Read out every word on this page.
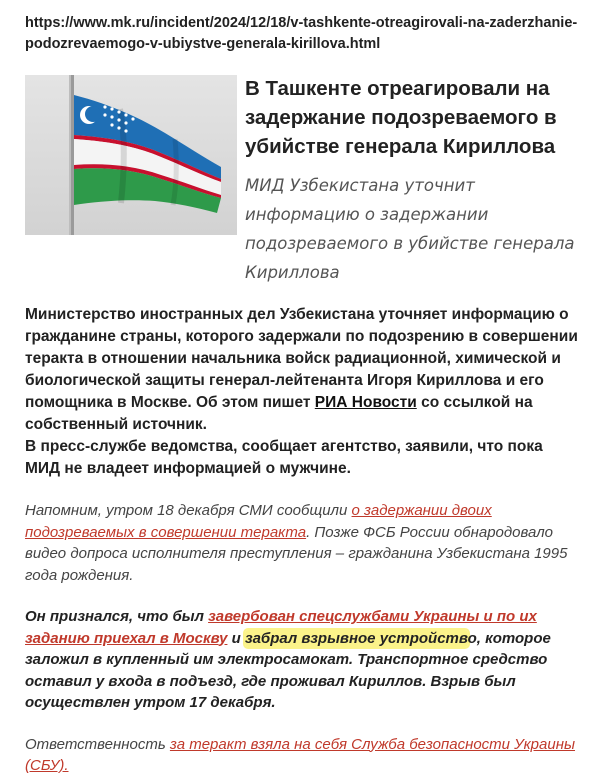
https://www.mk.ru/incident/2024/12/18/v-tashkente-otreagirovali-na-zaderzhanie-podozrevaemogo-v-ubiystve-generala-kirillova.html

В Ташкенте отреагировали на задержание подозреваемого в убийстве генерала Кириллова

МИД Узбекистана уточнит информацию о задержании подозреваемого в убийстве генерала Кириллова

Министерство иностранных дел Узбекистана уточняет информацию о гражданине страны, которого задержали по подозрению в совершении теракта в отношении начальника войск радиационной, химической и биологической защиты генерал-лейтенанта Игоря Кириллова и его помощника в Москве. Об этом пишет РИА Новости со ссылкой на собственный источник.
В пресс-службе ведомства, сообщает агентство, заявили, что пока МИД не владеет информацией о мужчине.

Напомним, утром 18 декабря СМИ сообщили о задержании двоих подозреваемых в совершении теракта. Позже ФСБ России обнародовало видео допроса исполнителя преступления – гражданина Узбекистана 1995 года рождения.

Он признался, что был завербован спецслужбами Украины и по их заданию приехал в Москву и забрал взрывное устройство, которое заложил в купленный им электросамокат. Транспортное средство оставил у входа в подъезд, где проживал Кириллов. Взрыв был осуществлен утром 17 декабря.

Ответственность за теракт взяла на себя Служба безопасности Украины (СБУ).
